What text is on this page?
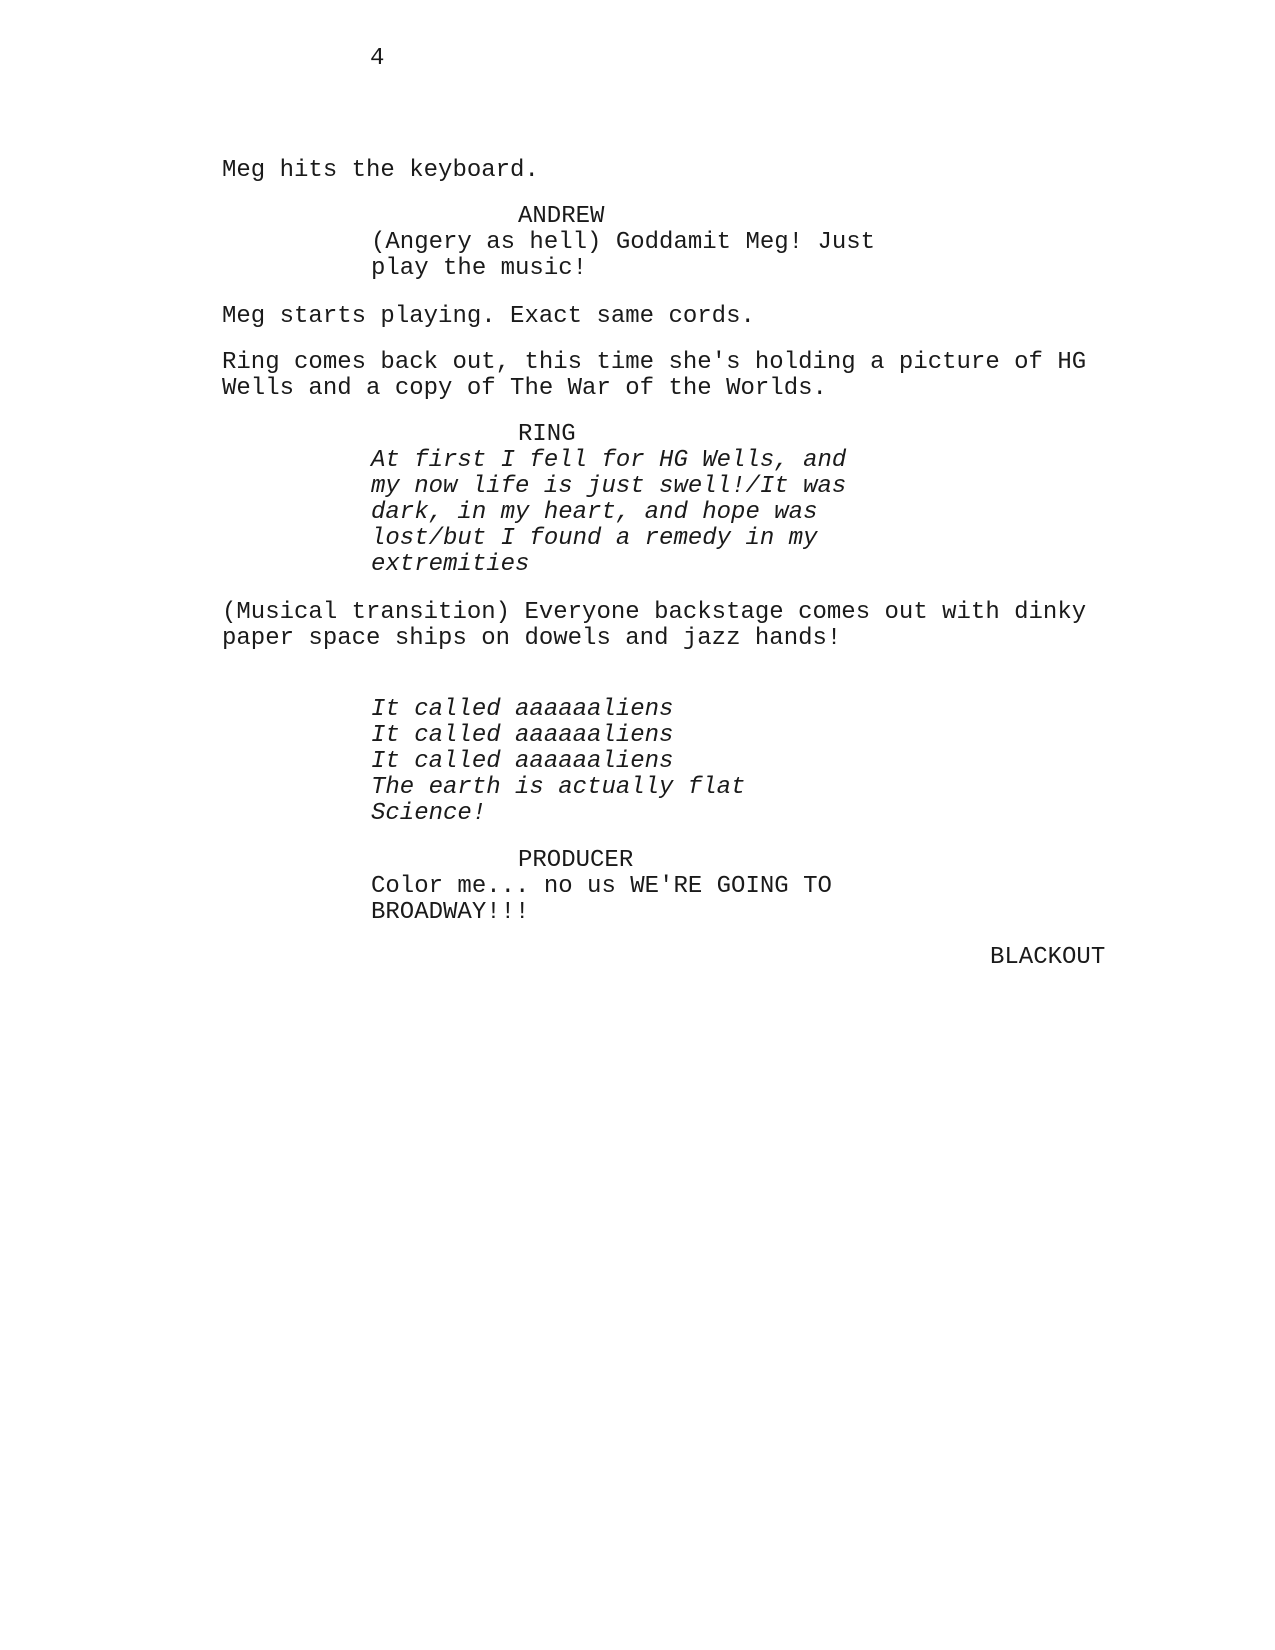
4
Meg hits the keyboard.
ANDREW
(Angery as hell) Goddamit Meg! Just
play the music!
Meg starts playing. Exact same cords.
Ring comes back out, this time she's holding a picture of HG
Wells and a copy of The War of the Worlds.
RING
At first I fell for HG Wells, and
my now life is just swell!/It was
dark, in my heart, and hope was
lost/but I found a remedy in my
extremities
(Musical transition) Everyone backstage comes out with dinky
paper space ships on dowels and jazz hands!
It called aaaaaaliens
It called aaaaaaliens
It called aaaaaaliens
The earth is actually flat
Science!
PRODUCER
Color me... no us WE'RE GOING TO
BROADWAY!!!
BLACKOUT
